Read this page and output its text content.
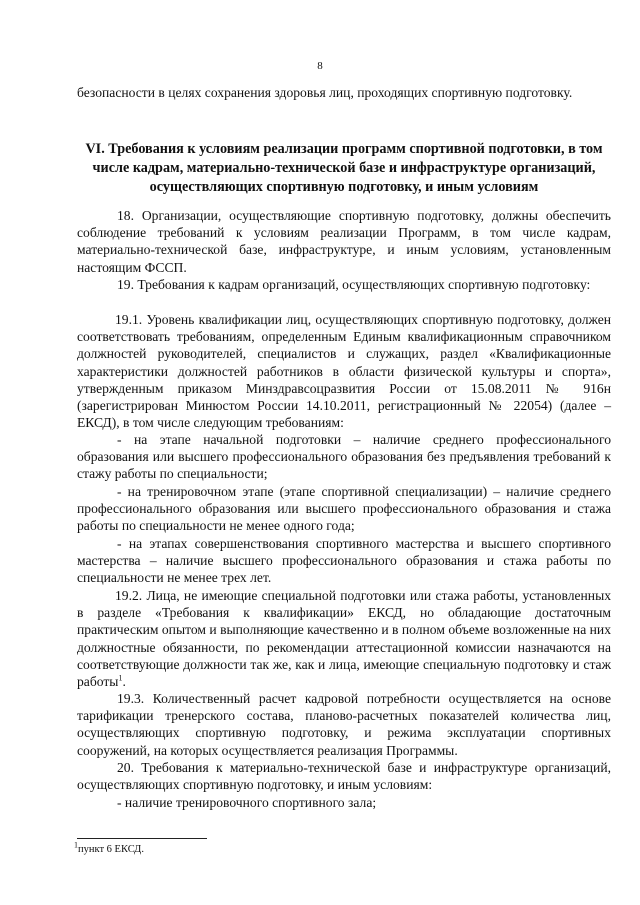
8
безопасности в целях сохранения здоровья лиц, проходящих спортивную подготовку.
VI. Требования к условиям реализации программ спортивной подготовки, в том числе кадрам, материально-технической базе и инфраструктуре организаций, осуществляющих спортивную подготовку, и иным условиям
18. Организации, осуществляющие спортивную подготовку, должны обеспечить соблюдение требований к условиям реализации Программ, в том числе кадрам, материально-технической базе, инфраструктуре, и иным условиям, установленным настоящим ФССП.
19. Требования к кадрам организаций, осуществляющих спортивную подготовку:
19.1. Уровень квалификации лиц, осуществляющих спортивную подготовку, должен соответствовать требованиям, определенным Единым квалификационным справочником должностей руководителей, специалистов и служащих, раздел «Квалификационные характеристики должностей работников в области физической культуры и спорта», утвержденным приказом Минздравсоцразвития России от 15.08.2011 № 916н (зарегистрирован Минюстом России 14.10.2011, регистрационный № 22054) (далее – ЕКСД), в том числе следующим требованиям:
- на этапе начальной подготовки – наличие среднего профессионального образования или высшего профессионального образования без предъявления требований к стажу работы по специальности;
- на тренировочном этапе (этапе спортивной специализации) – наличие среднего профессионального образования или высшего профессионального образования и стажа работы по специальности не менее одного года;
- на этапах совершенствования спортивного мастерства и высшего спортивного мастерства – наличие высшего профессионального образования и стажа работы по специальности не менее трех лет.
19.2. Лица, не имеющие специальной подготовки или стажа работы, установленных в разделе «Требования к квалификации» ЕКСД, но обладающие достаточным практическим опытом и выполняющие качественно и в полном объеме возложенные на них должностные обязанности, по рекомендации аттестационной комиссии назначаются на соответствующие должности так же, как и лица, имеющие специальную подготовку и стаж работы$^1$.
19.3. Количественный расчет кадровой потребности осуществляется на основе тарификации тренерского состава, планово-расчетных показателей количества лиц, осуществляющих спортивную подготовку, и режима эксплуатации спортивных сооружений, на которых осуществляется реализация Программы.
20. Требования к материально-технической базе и инфраструктуре организаций, осуществляющих спортивную подготовку, и иным условиям:
- наличие тренировочного спортивного зала;
$^1$пункт 6 ЕКСД.
